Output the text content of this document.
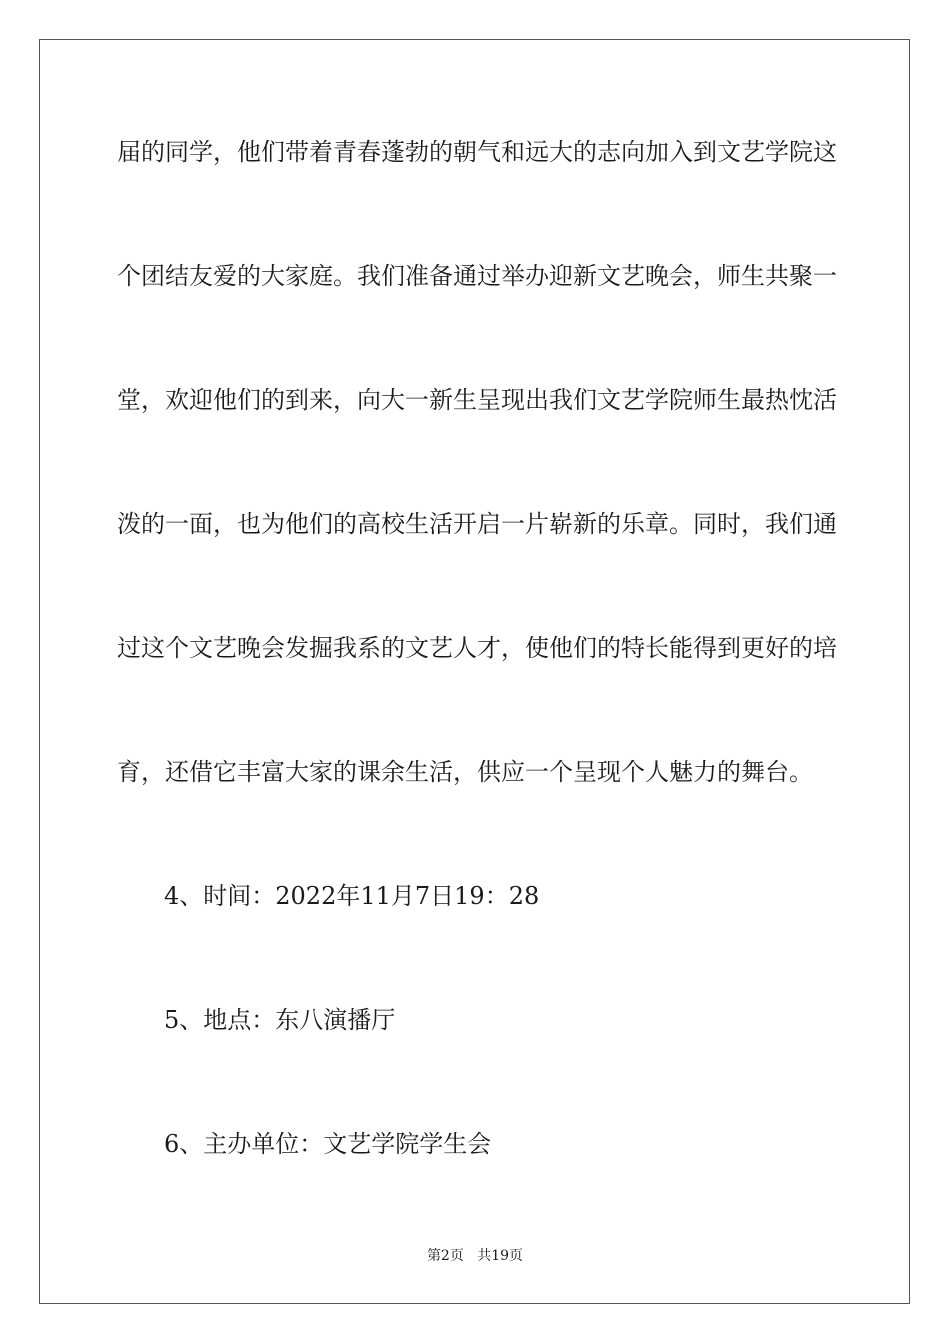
届的同学，他们带着青春蓬勃的朝气和远大的志向加入到文艺学院这
个团结友爱的大家庭。我们准备通过举办迎新文艺晚会，师生共聚一
堂，欢迎他们的到来，向大一新生呈现出我们文艺学院师生最热忱活
泼的一面，也为他们的高校生活开启一片崭新的乐章。同时，我们通
过这个文艺晚会发掘我系的文艺人才，使他们的特长能得到更好的培
育，还借它丰富大家的课余生活，供应一个呈现个人魅力的舞台。
4、时间：2022年11月7日19：28
5、地点：东八演播厅
6、主办单位：文艺学院学生会
第2页 共19页
